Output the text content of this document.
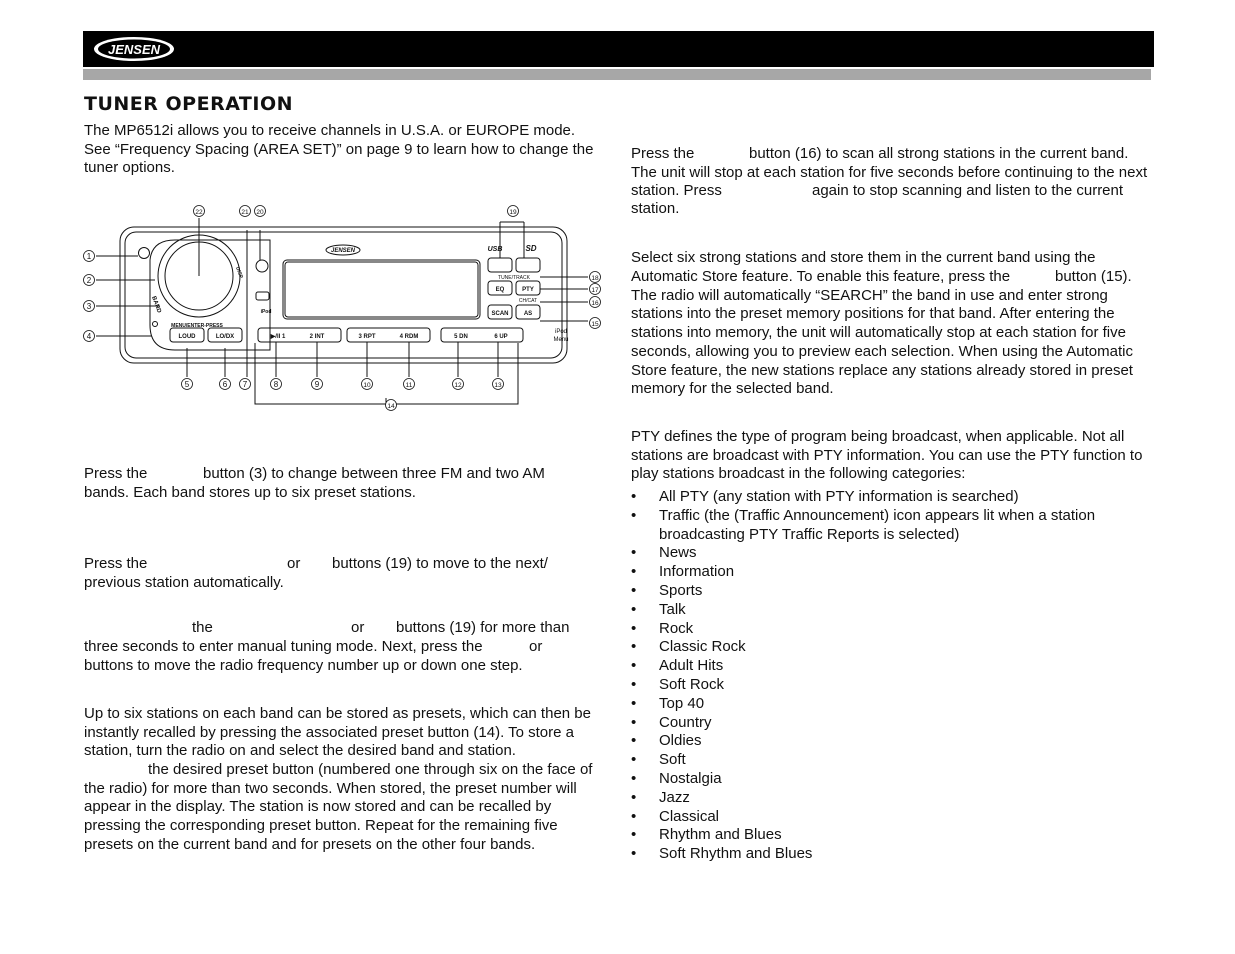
JENSEN
TUNER OPERATION

The MP6512i allows you to receive channels in U.S.A. or EUROPE mode. See “Frequency Spacing (AREA SET)” on page 9 to learn how to change the tuner options.

JENSEN
LOUD	LO/DX
MENU/ENTER-PRESS
TUNE/TRACK
EQ	PTY
CH/CAT
SCAN	AS
iPod
Menu
▶/II 1	2 INT	3 RPT	4 RDM	5 DN	6 UP
BAND
DISP
USB	SD
iPod
1
2
3
4
5	6 7	8	9	10	11	12	13
14
15
16
17
18
19
20
21
22
Press the	button (3) to change between three FM and two AM bands. Each band stores up to six preset stations.

Press the	or	buttons (19) to move to the next/ previous station automatically.

the	or	buttons (19) for more than three seconds to enter manual tuning mode. Next, press the	or
buttons to move the radio frequency number up or down one step.

Up to six stations on each band can be stored as presets, which can then be instantly recalled by pressing the associated preset button (14). To store a station, turn the radio on and select the desired band and station.

the desired preset button (numbered one through six on the face of the radio) for more than two seconds. When stored, the preset number will appear in the display. The station is now stored and can be recalled by pressing the corresponding preset button. Repeat for the remaining five presets on the current band and for presets on the other four bands.

Press the	button (16) to scan all strong stations in the current band. The unit will stop at each station for five seconds before continuing to the next station. Press	again to stop scanning and listen to the current station.

Select six strong stations and store them in the current band using the Automatic Store feature. To enable this feature, press the	button (15). The radio will automatically “SEARCH” the band in use and enter strong stations into the preset memory positions for that band. After entering the stations into memory, the unit will automatically stop at each station for five seconds, allowing you to preview each selection. When using the Automatic Store feature, the new stations replace any stations already stored in preset memory for the selected band.

PTY defines the type of program being broadcast, when applicable. Not all stations are broadcast with PTY information. You can use the PTY function to play stations broadcast in the following categories:

• All PTY (any station with PTY information is searched)
• Traffic (the (Traffic Announcement) icon appears lit when a station broadcasting PTY Traffic Reports is selected)
• News
• Information
• Sports
• Talk
• Rock
• Classic Rock
• Adult Hits
• Soft Rock
• Top 40
• Country
• Oldies
• Soft
• Nostalgia
• Jazz
• Classical
• Rhythm and Blues
• Soft Rhythm and Blues
